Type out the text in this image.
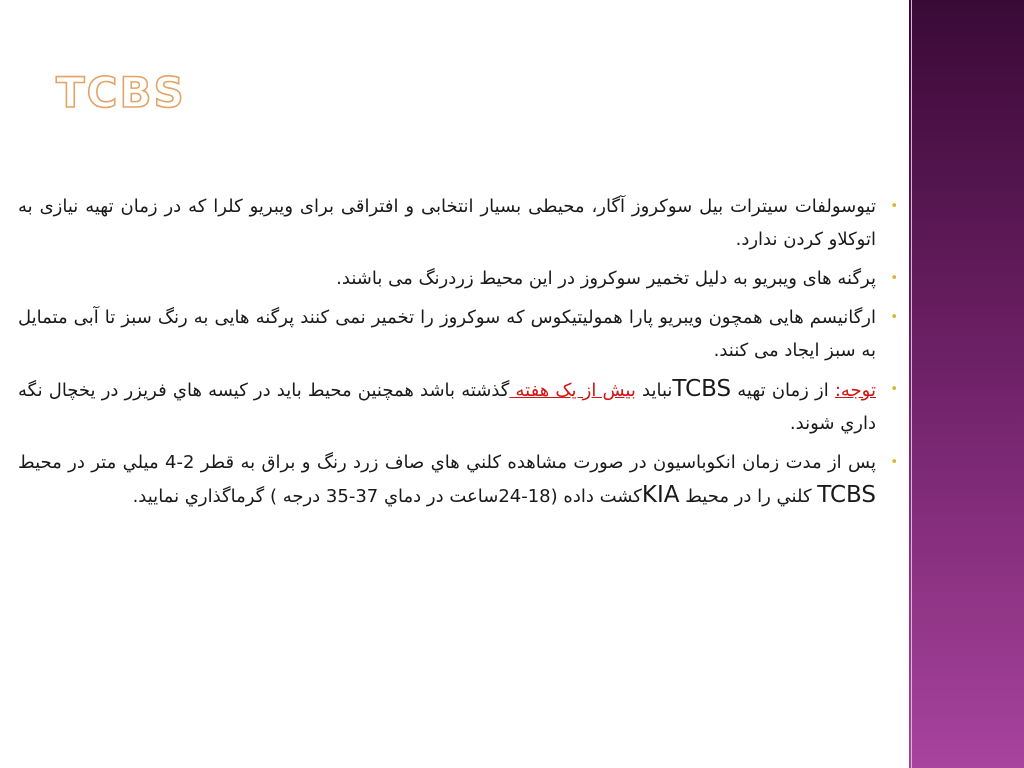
TCBS

•
تیوسولفات سیترات بیل سوکروز آگار، محیطی بسیار انتخابی و افتراقی برای ویبریو کلرا که در زمان تهیه نیازی به اتوکلاو کردن ندارد.

•
پرگنه های ویبریو به دلیل تخمیر سوکروز در این محیط زردرنگ می باشند.

•
ارگانیسم هایی همچون ویبریو پارا همولیتیکوس که سوکروز را تخمیر نمی کنند پرگنه هایی به رنگ سبز تا آبی متمایل به سبز ایجاد می کنند.

•
توجه: از زمان تهیه TCBSنباید بیش از یک هفته گذشته باشد همچنین محیط باید در کیسه هاي فریزر در یخچال نگه داري شوند.

•
پس از مدت زمان انکوباسیون در صورت مشاهده کلني هاي صاف زرد رنگ و براق به قطر 2-4 میلي متر در محیط TCBS کلني را در محیط KIAکشت داده (18-24ساعت در دماي 37-35 درجه ) گرماگذاري نمایید.
